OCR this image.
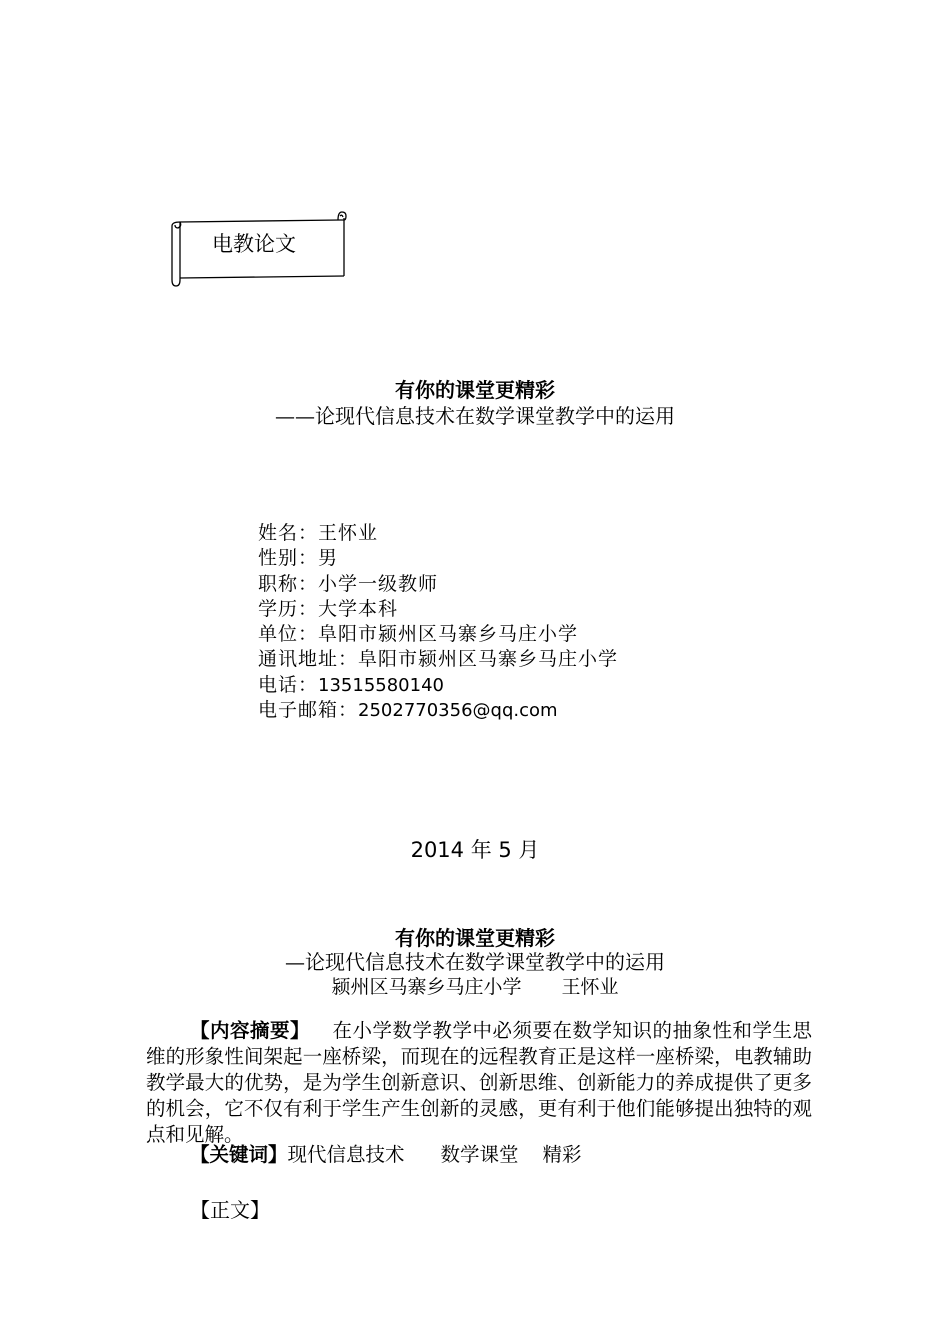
电教论文
有你的课堂更精彩
——论现代信息技术在数学课堂教学中的运用
姓名：王怀业
性别：男
职称：小学一级教师
学历：大学本科
单位：阜阳市颍州区马寨乡马庄小学
通讯地址：阜阳市颍州区马寨乡马庄小学
电话：13515580140
电子邮箱：2502770356@qq.com
2014 年 5 月
有你的课堂更精彩
—论现代信息技术在数学课堂教学中的运用
颍州区马寨乡马庄小学 王怀业
【内容摘要】 在小学数学教学中必须要在数学知识的抽象性和学生思维的形象性间架起一座桥梁，而现在的远程教育正是这样一座桥梁，电教辅助教学最大的优势，是为学生创新意识、创新思维、创新能力的养成提供了更多的机会，它不仅有利于学生产生创新的灵感，更有利于他们能够提出独特的观点和见解。
【关键词】现代信息技术 数学课堂 精彩
【正文】
